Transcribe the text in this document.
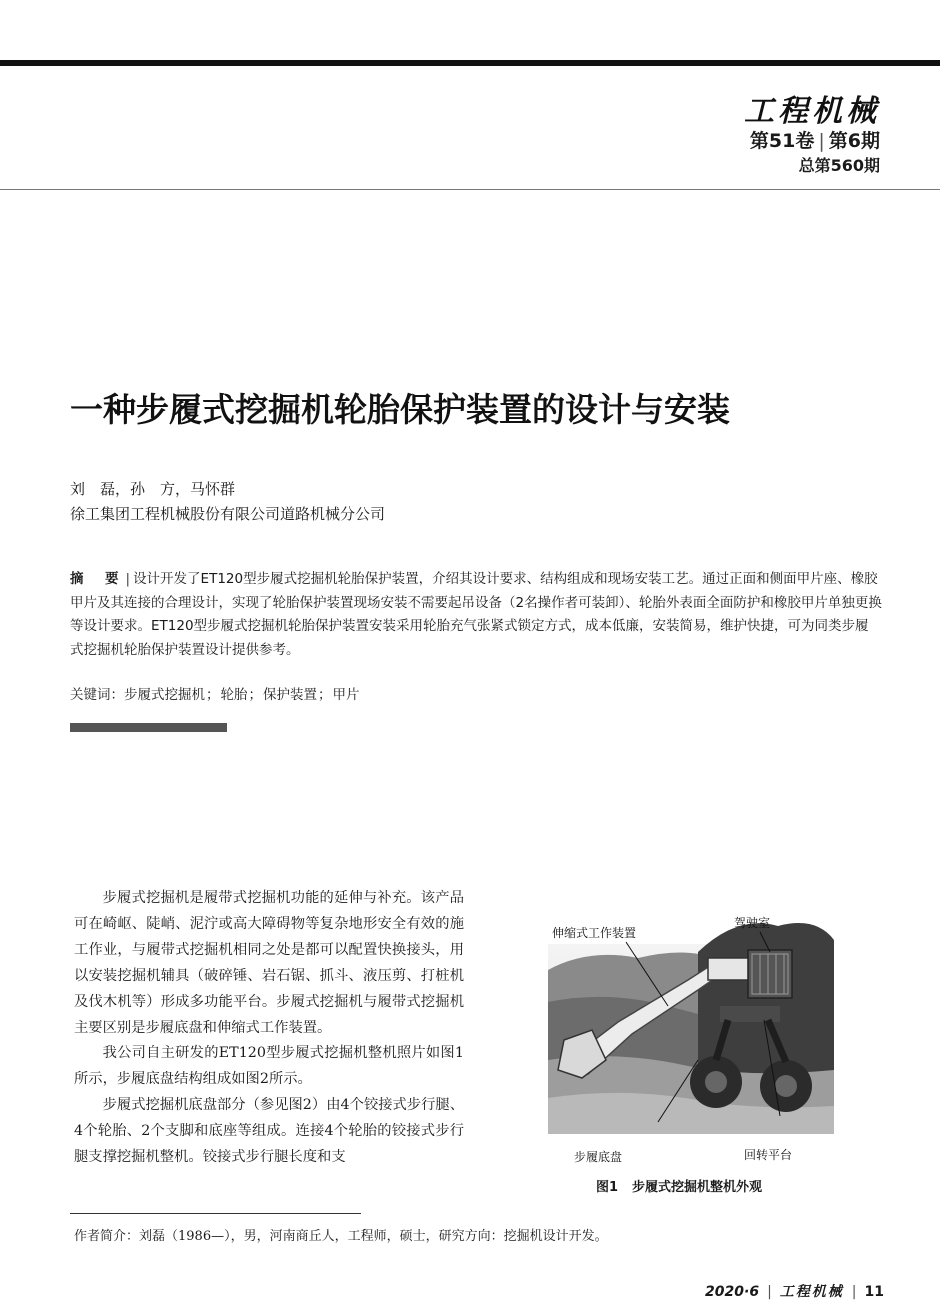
工程机械
第51卷 | 第6期
总第560期
一种步履式挖掘机轮胎保护装置的设计与安装
刘　磊，孙　方，马怀群
徐工集团工程机械股份有限公司道路机械分公司
摘　要 | 设计开发了ET120型步履式挖掘机轮胎保护装置，介绍其设计要求、结构组成和现场安装工艺。通过正面和侧面甲片座、橡胶甲片及其连接的合理设计，实现了轮胎保护装置现场安装不需要起吊设备（2名操作者可装卸）、轮胎外表面全面防护和橡胶甲片单独更换等设计要求。ET120型步履式挖掘机轮胎保护装置安装采用轮胎充气张紧式锁定方式，成本低廉，安装简易，维护快捷，可为同类步履式挖掘机轮胎保护装置设计提供参考。
关键词：步履式挖掘机；轮胎；保护装置；甲片

步履式挖掘机是履带式挖掘机功能的延伸与补充。该产品可在崎岖、陡峭、泥泞或高大障碍物等复杂地形安全有效的施工作业，与履带式挖掘机相同之处是都可以配置快换接头，用以安装挖掘机辅具（破碎锤、岩石锯、抓斗、液压剪、打桩机及伐木机等）形成多功能平台。步履式挖掘机与履带式挖掘机主要区别是步履底盘和伸缩式工作装置。

我公司自主研发的ET120型步履式挖掘机整机照片如图1所示，步履底盘结构组成如图2所示。

步履式挖掘机底盘部分（参见图2）由4个铰接式步行腿、4个轮胎、2个支脚和底座等组成。连接4个轮胎的铰接式步行腿支撑挖掘机整机。铰接式步行腿长度和支

伸缩式工作装置
驾驶室
步履底盘	回转平台
图1 步履式挖掘机整机外观
作者简介：刘磊（1986—），男，河南商丘人，工程师，硕士，研究方向：挖掘机设计开发。
2020·6 | 工程机械 | 11
